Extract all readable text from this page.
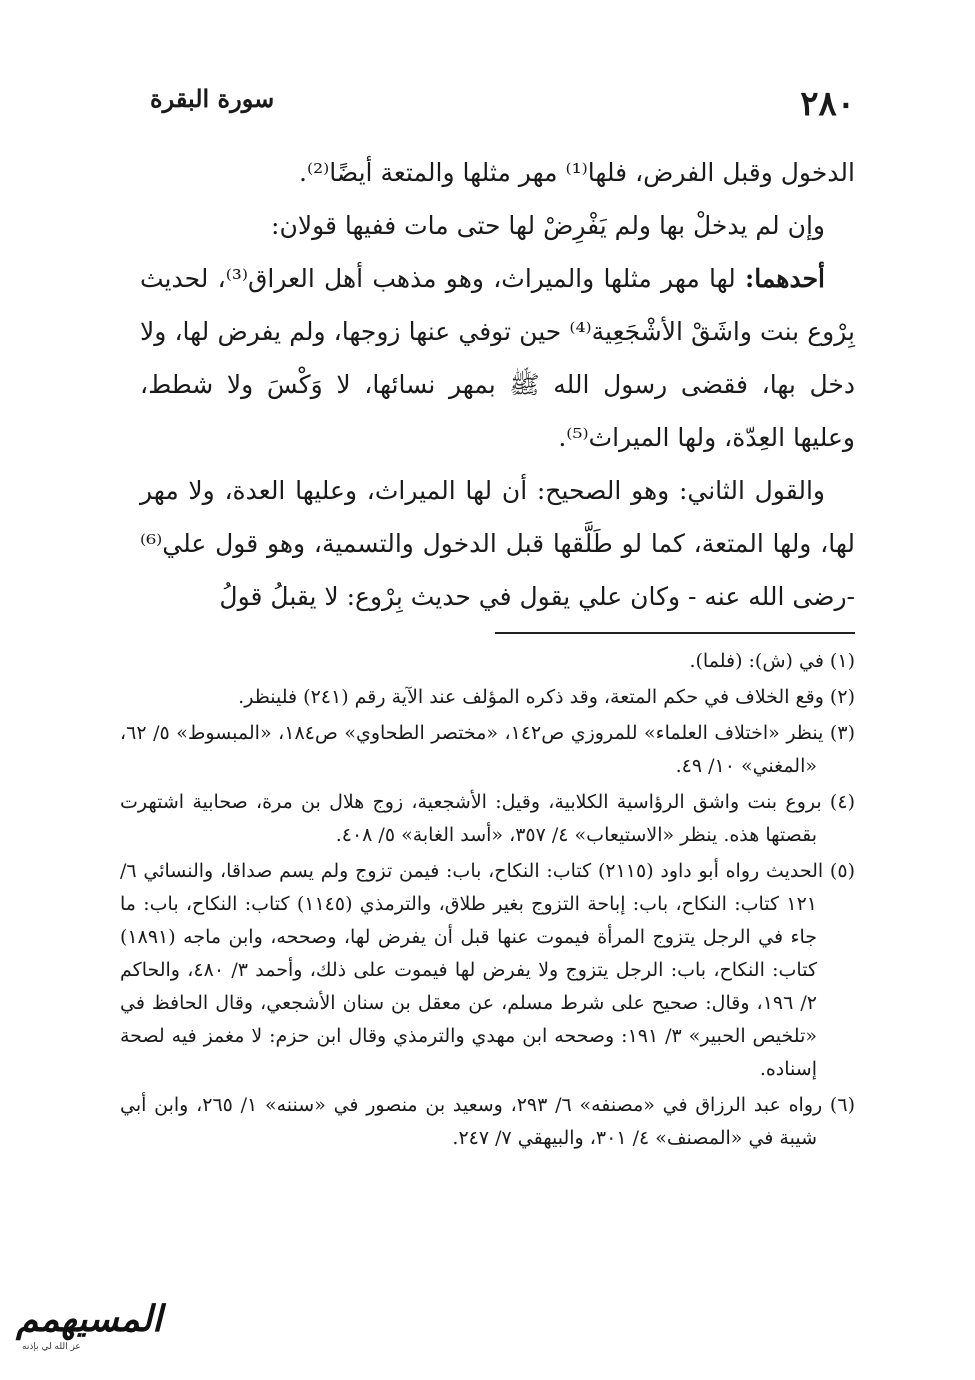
٢٨٠
سورة البقرة

الدخول وقبل الفرض، فلها⁽¹⁾ مهر مثلها والمتعة أيضًا⁽²⁾.

وإن لم يدخلْ بها ولم يَفْرِضْ لها حتى مات ففيها قولان:

أحدهما: لها مهر مثلها والميراث، وهو مذهب أهل العراق⁽³⁾، لحديث بِرْوع بنت واشَقْ الأشْجَعِية⁽⁴⁾ حين توفي عنها زوجها، ولم يفرض لها، ولا دخل بها، فقضى رسول الله ﷺ بمهر نسائها، لا وَكْسَ ولا شطط، وعليها العِدّة، ولها الميراث⁽⁵⁾.

والقول الثاني: وهو الصحيح: أن لها الميراث، وعليها العدة، ولا مهر لها، ولها المتعة، كما لو طَلَّقها قبل الدخول والتسمية، وهو قول علي⁽⁶⁾ -رضى الله عنه - وكان علي يقول في حديث بِرْوع: لا يقبلُ قولُ

(١) في (ش): (فلما).

(٢) وقع الخلاف في حكم المتعة، وقد ذكره المؤلف عند الآية رقم (٢٤١) فلينظر.

(٣) ينظر «اختلاف العلماء» للمروزي ص١٤٢، «مختصر الطحاوي» ص١٨٤، «المبسوط» ٥/ ٦٢، «المغني» ١٠/ ٤٩.

(٤) بروع بنت واشق الرؤاسية الكلابية، وقيل: الأشجعية، زوج هلال بن مرة، صحابية اشتهرت بقصتها هذه. ينظر «الاستيعاب» ٤/ ٣٥٧، «أسد الغابة» ٥/ ٤٠٨.

(٥) الحديث رواه أبو داود (٢١١٥) كتاب: النكاح، باب: فيمن تزوج ولم يسم صداقا، والنسائي ٦/ ١٢١ كتاب: النكاح، باب: إباحة التزوج بغير طلاق، والترمذي (١١٤٥) كتاب: النكاح، باب: ما جاء في الرجل يتزوج المرأة فيموت عنها قبل أن يفرض لها، وصححه، وابن ماجه (١٨٩١) كتاب: النكاح، باب: الرجل يتزوج ولا يفرض لها فيموت على ذلك، وأحمد ٣/ ٤٨٠، والحاكم ٢/ ١٩٦، وقال: صحيح على شرط مسلم، عن معقل بن سنان الأشجعي، وقال الحافظ في «تلخيص الحبير» ٣/ ١٩١: وصححه ابن مهدي والترمذي وقال ابن حزم: لا مغمز فيه لصحة إسناده.

(٦) رواه عبد الرزاق في «مصنفه» ٦/ ٢٩٣، وسعيد بن منصور في «سننه» ١/ ٢٦٥، وابن أبي شيبة في «المصنف» ٤/ ٣٠١، والبيهقي ٧/ ٢٤٧.

المسيهمم
عز الله لي بإذنه
